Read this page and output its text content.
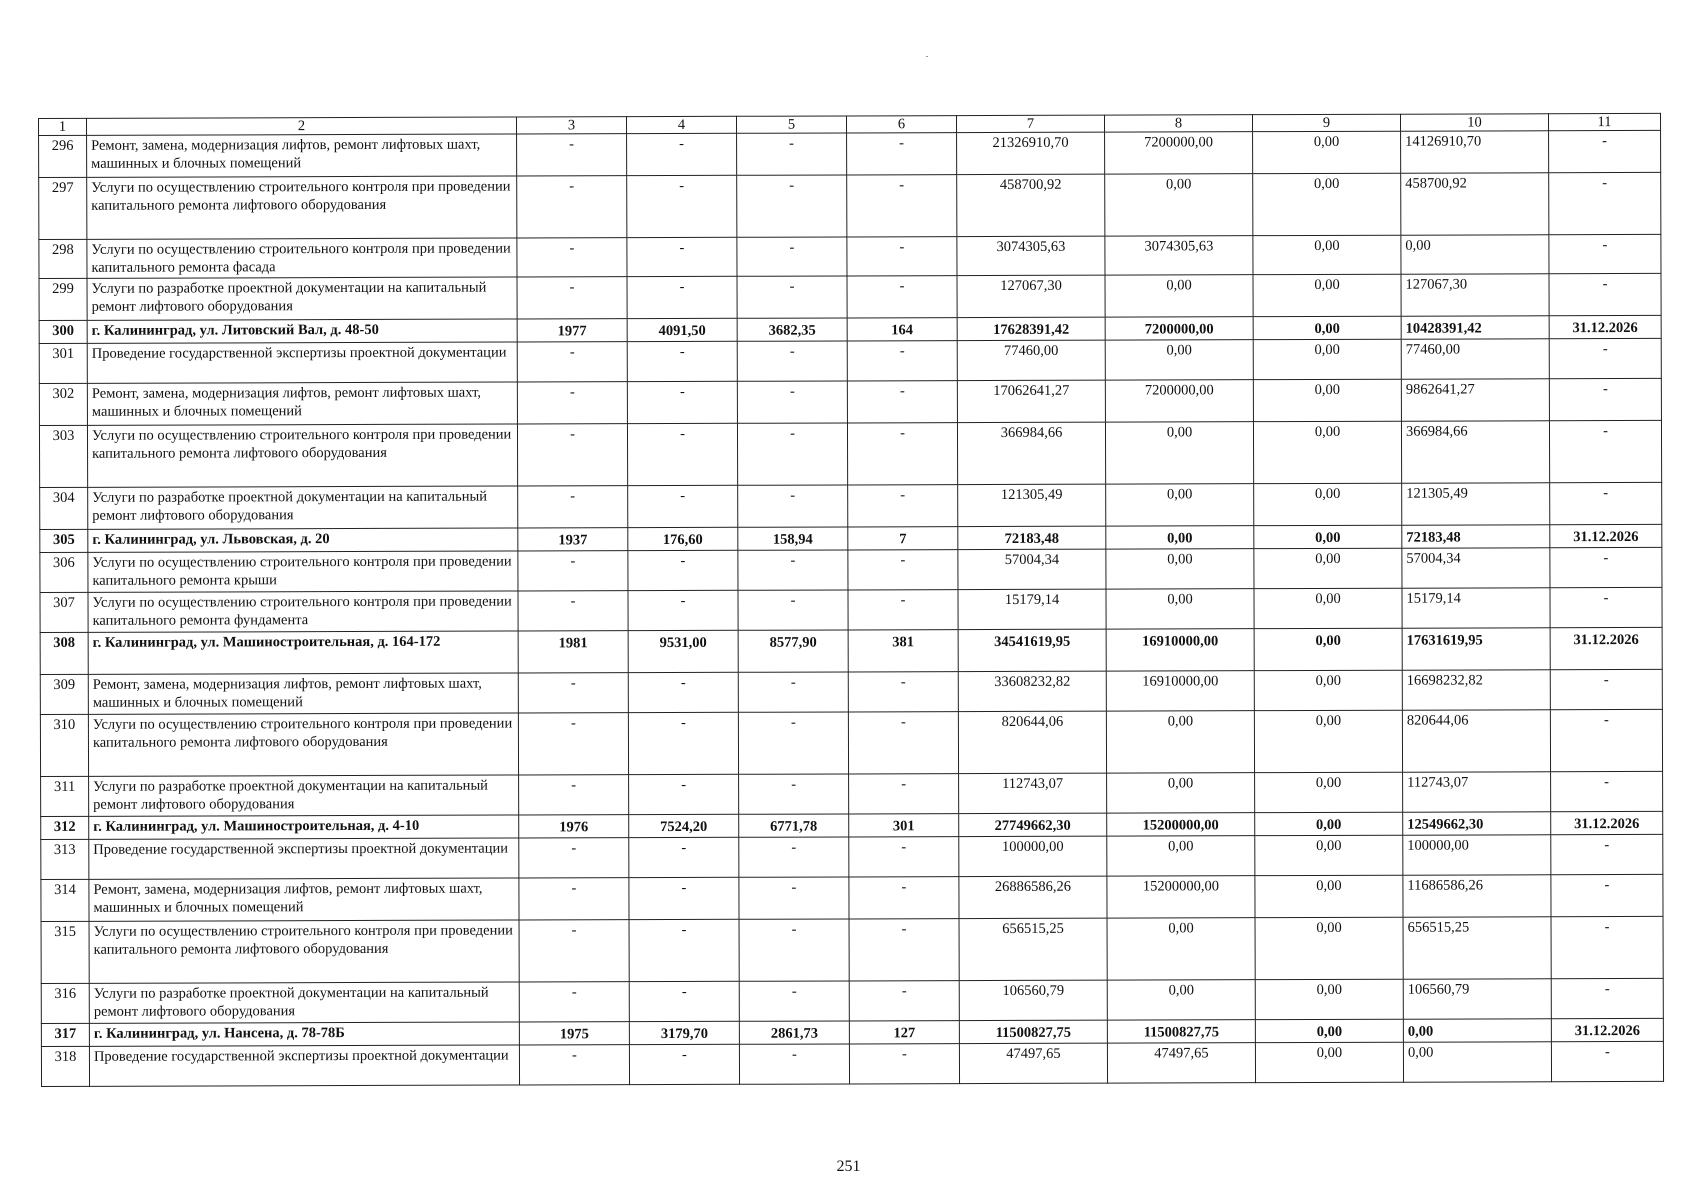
1	2	3	4	5	6	7	8	9	10	11
296	Ремонт, замена, модернизация лифтов, ремонт лифтовых шахт, машинных и блочных помещений	-	-	-	-	21326910,70	7200000,00	0,00	14126910,70	-
297	Услуги по осуществлению строительного контроля при проведении капитального ремонта лифтового оборудования	-	-	-	-	458700,92	0,00	0,00	458700,92	-
298	Услуги по осуществлению строительного контроля при проведении капитального ремонта фасада	-	-	-	-	3074305,63	3074305,63	0,00	0,00	-
299	Услуги по разработке проектной документации на капитальный ремонт лифтового оборудования	-	-	-	-	127067,30	0,00	0,00	127067,30	-
300	г. Калининград, ул. Литовский Вал, д. 48-50	1977	4091,50	3682,35	164	17628391,42	7200000,00	0,00	10428391,42	31.12.2026
301	Проведение государственной экспертизы проектной документации	-	-	-	-	77460,00	0,00	0,00	77460,00	-
302	Ремонт, замена, модернизация лифтов, ремонт лифтовых шахт, машинных и блочных помещений	-	-	-	-	17062641,27	7200000,00	0,00	9862641,27	-
303	Услуги по осуществлению строительного контроля при проведении капитального ремонта лифтового оборудования	-	-	-	-	366984,66	0,00	0,00	366984,66	-
304	Услуги по разработке проектной документации на капитальный ремонт лифтового оборудования	-	-	-	-	121305,49	0,00	0,00	121305,49	-
305	г. Калининград, ул. Львовская, д. 20	1937	176,60	158,94	7	72183,48	0,00	0,00	72183,48	31.12.2026
306	Услуги по осуществлению строительного контроля при проведении капитального ремонта крыши	-	-	-	-	57004,34	0,00	0,00	57004,34	-
307	Услуги по осуществлению строительного контроля при проведении капитального ремонта фундамента	-	-	-	-	15179,14	0,00	0,00	15179,14	-
308	г. Калининград, ул. Машиностроительная, д. 164-172	1981	9531,00	8577,90	381	34541619,95	16910000,00	0,00	17631619,95	31.12.2026
309	Ремонт, замена, модернизация лифтов, ремонт лифтовых шахт, машинных и блочных помещений	-	-	-	-	33608232,82	16910000,00	0,00	16698232,82	-
310	Услуги по осуществлению строительного контроля при проведении капитального ремонта лифтового оборудования	-	-	-	-	820644,06	0,00	0,00	820644,06	-
311	Услуги по разработке проектной документации на капитальный ремонт лифтового оборудования	-	-	-	-	112743,07	0,00	0,00	112743,07	-
312	г. Калининград, ул. Машиностроительная, д. 4-10	1976	7524,20	6771,78	301	27749662,30	15200000,00	0,00	12549662,30	31.12.2026
313	Проведение государственной экспертизы проектной документации	-	-	-	-	100000,00	0,00	0,00	100000,00	-
314	Ремонт, замена, модернизация лифтов, ремонт лифтовых шахт, машинных и блочных помещений	-	-	-	-	26886586,26	15200000,00	0,00	11686586,26	-
315	Услуги по осуществлению строительного контроля при проведении капитального ремонта лифтового оборудования	-	-	-	-	656515,25	0,00	0,00	656515,25	-
316	Услуги по разработке проектной документации на капитальный ремонт лифтового оборудования	-	-	-	-	106560,79	0,00	0,00	106560,79	-
317	г. Калининград, ул. Нансена, д. 78-78Б	1975	3179,70	2861,73	127	11500827,75	11500827,75	0,00	0,00	31.12.2026
318	Проведение государственной экспертизы проектной документации	-	-	-	-	47497,65	47497,65	0,00	0,00	-
251
